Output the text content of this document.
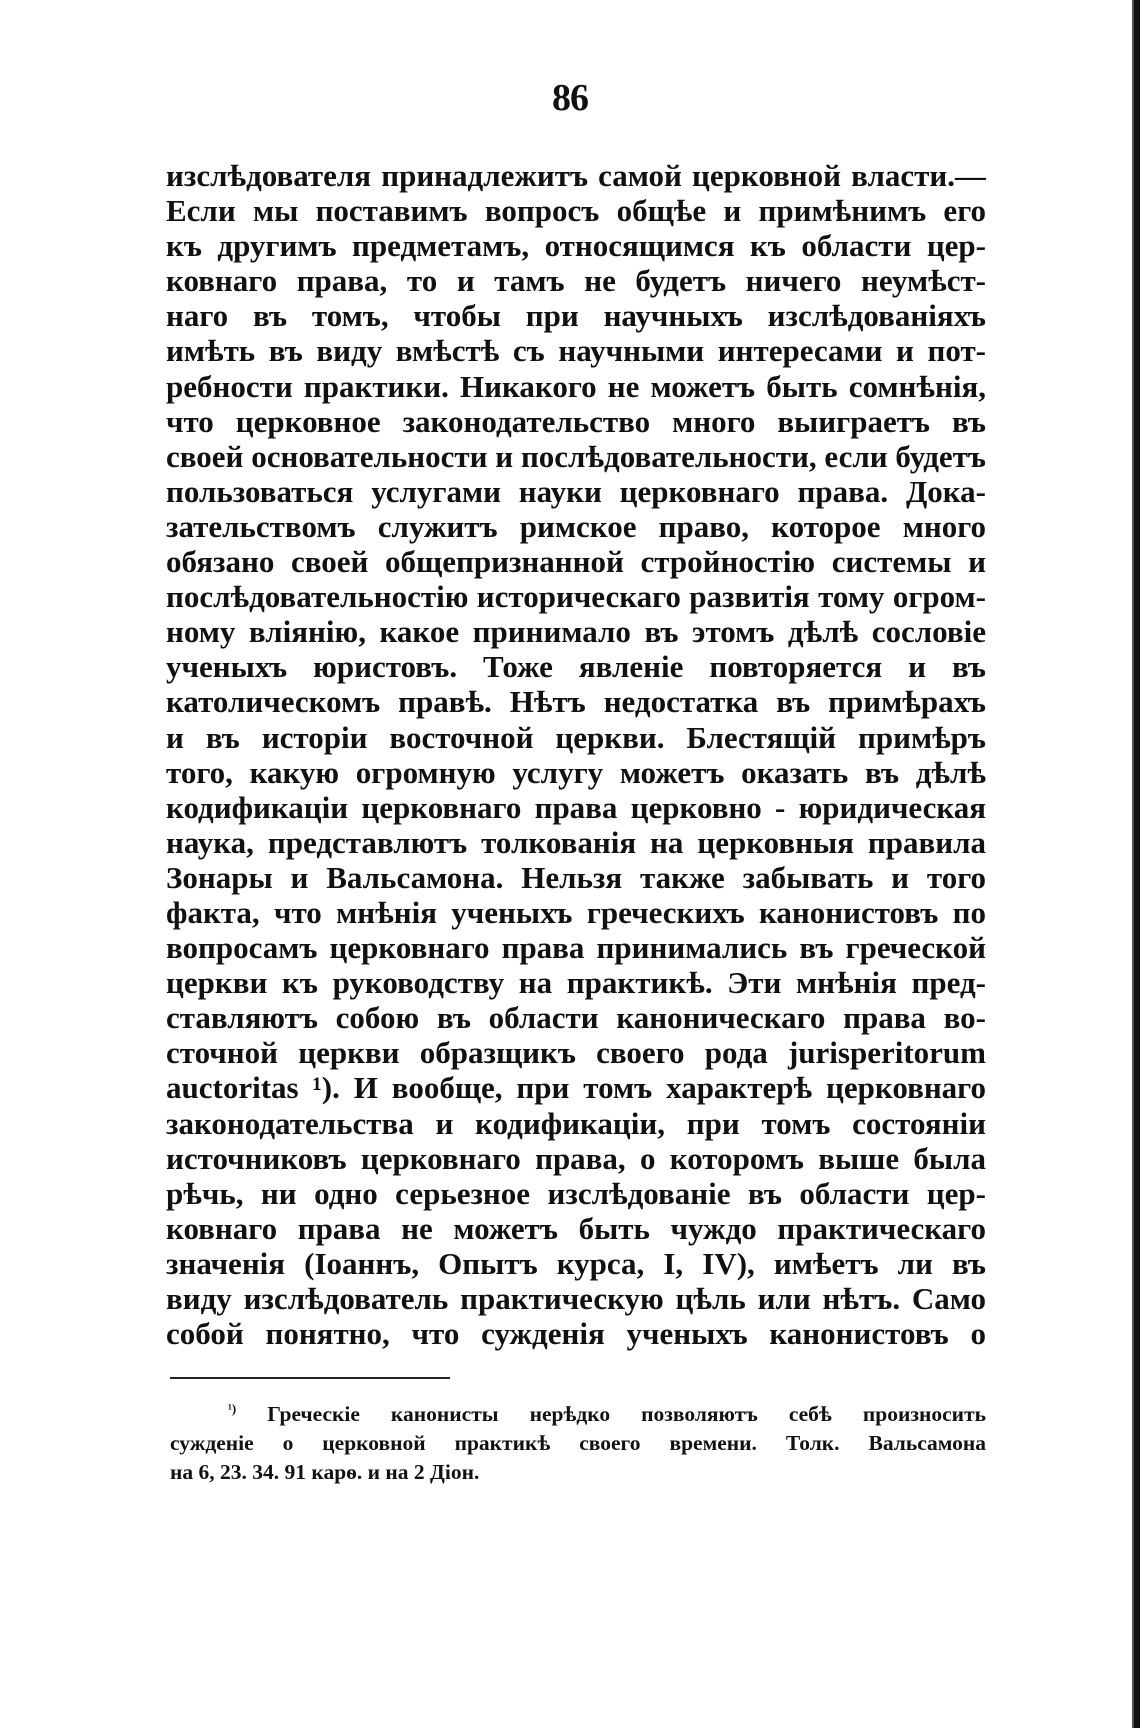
86
изслѣдователя принадлежитъ самой церковной власти.—
Если мы поставимъ вопросъ общѣе и примѣнимъ его
къ другимъ предметамъ, относящимся къ области цер-
ковнаго права, то и тамъ не будетъ ничего неумѣст-
наго въ томъ, чтобы при научныхъ изслѣдованіяхъ
имѣть въ виду вмѣстѣ съ научными интересами и пот-
ребности практики. Никакого не можетъ быть сомнѣнія,
что церковное законодательство много выиграетъ въ
своей основательности и послѣдовательности, если будетъ
пользоваться услугами науки церковнаго права. Дока-
зательствомъ служитъ римское право, которое много
обязано своей общепризнанной стройностію системы и
послѣдовательностію историческаго развитія тому огром-
ному вліянію, какое принимало въ этомъ дѣлѣ сословіе
ученыхъ юристовъ. Тоже явленіе повторяется и въ
католическомъ правѣ. Нѣтъ недостатка въ примѣрахъ
и въ исторіи восточной церкви. Блестящій примѣръ
того, какую огромную услугу можетъ оказать въ дѣлѣ
кодификаціи церковнаго права церковно - юридическая
наука, представлютъ толкованія на церковныя правила
Зонары и Вальсамона. Нельзя также забывать и того
факта, что мнѣнія ученыхъ греческихъ канонистовъ по
вопросамъ церковнаго права принимались въ греческой
церкви къ руководству на практикѣ. Эти мнѣнія пред-
ставляютъ собою въ области каноническаго права во-
сточной церкви образщикъ своего рода jurisperitorum
auctoritas ¹). И вообще, при томъ характерѣ церковнаго
законодательства и кодификаціи, при томъ состояніи
источниковъ церковнаго права, о которомъ выше была
рѣчь, ни одно серьезное изслѣдованіе въ области цер-
ковнаго права не можетъ быть чуждо практическаго
значенія (Іоаннъ, Опытъ курса, І, IV), имѣетъ ли въ
виду изслѣдователь практическую цѣль или нѣтъ. Само
собой понятно, что сужденія ученыхъ канонистовъ о
$^{^1)}$ Греческіе канонисты нерѣдко позволяютъ себѣ произносить
сужденіе о церковной практикѣ своего времени. Толк. Вальсамона
на 6, 23. 34. 91 карѳ. и на 2 Діон.
